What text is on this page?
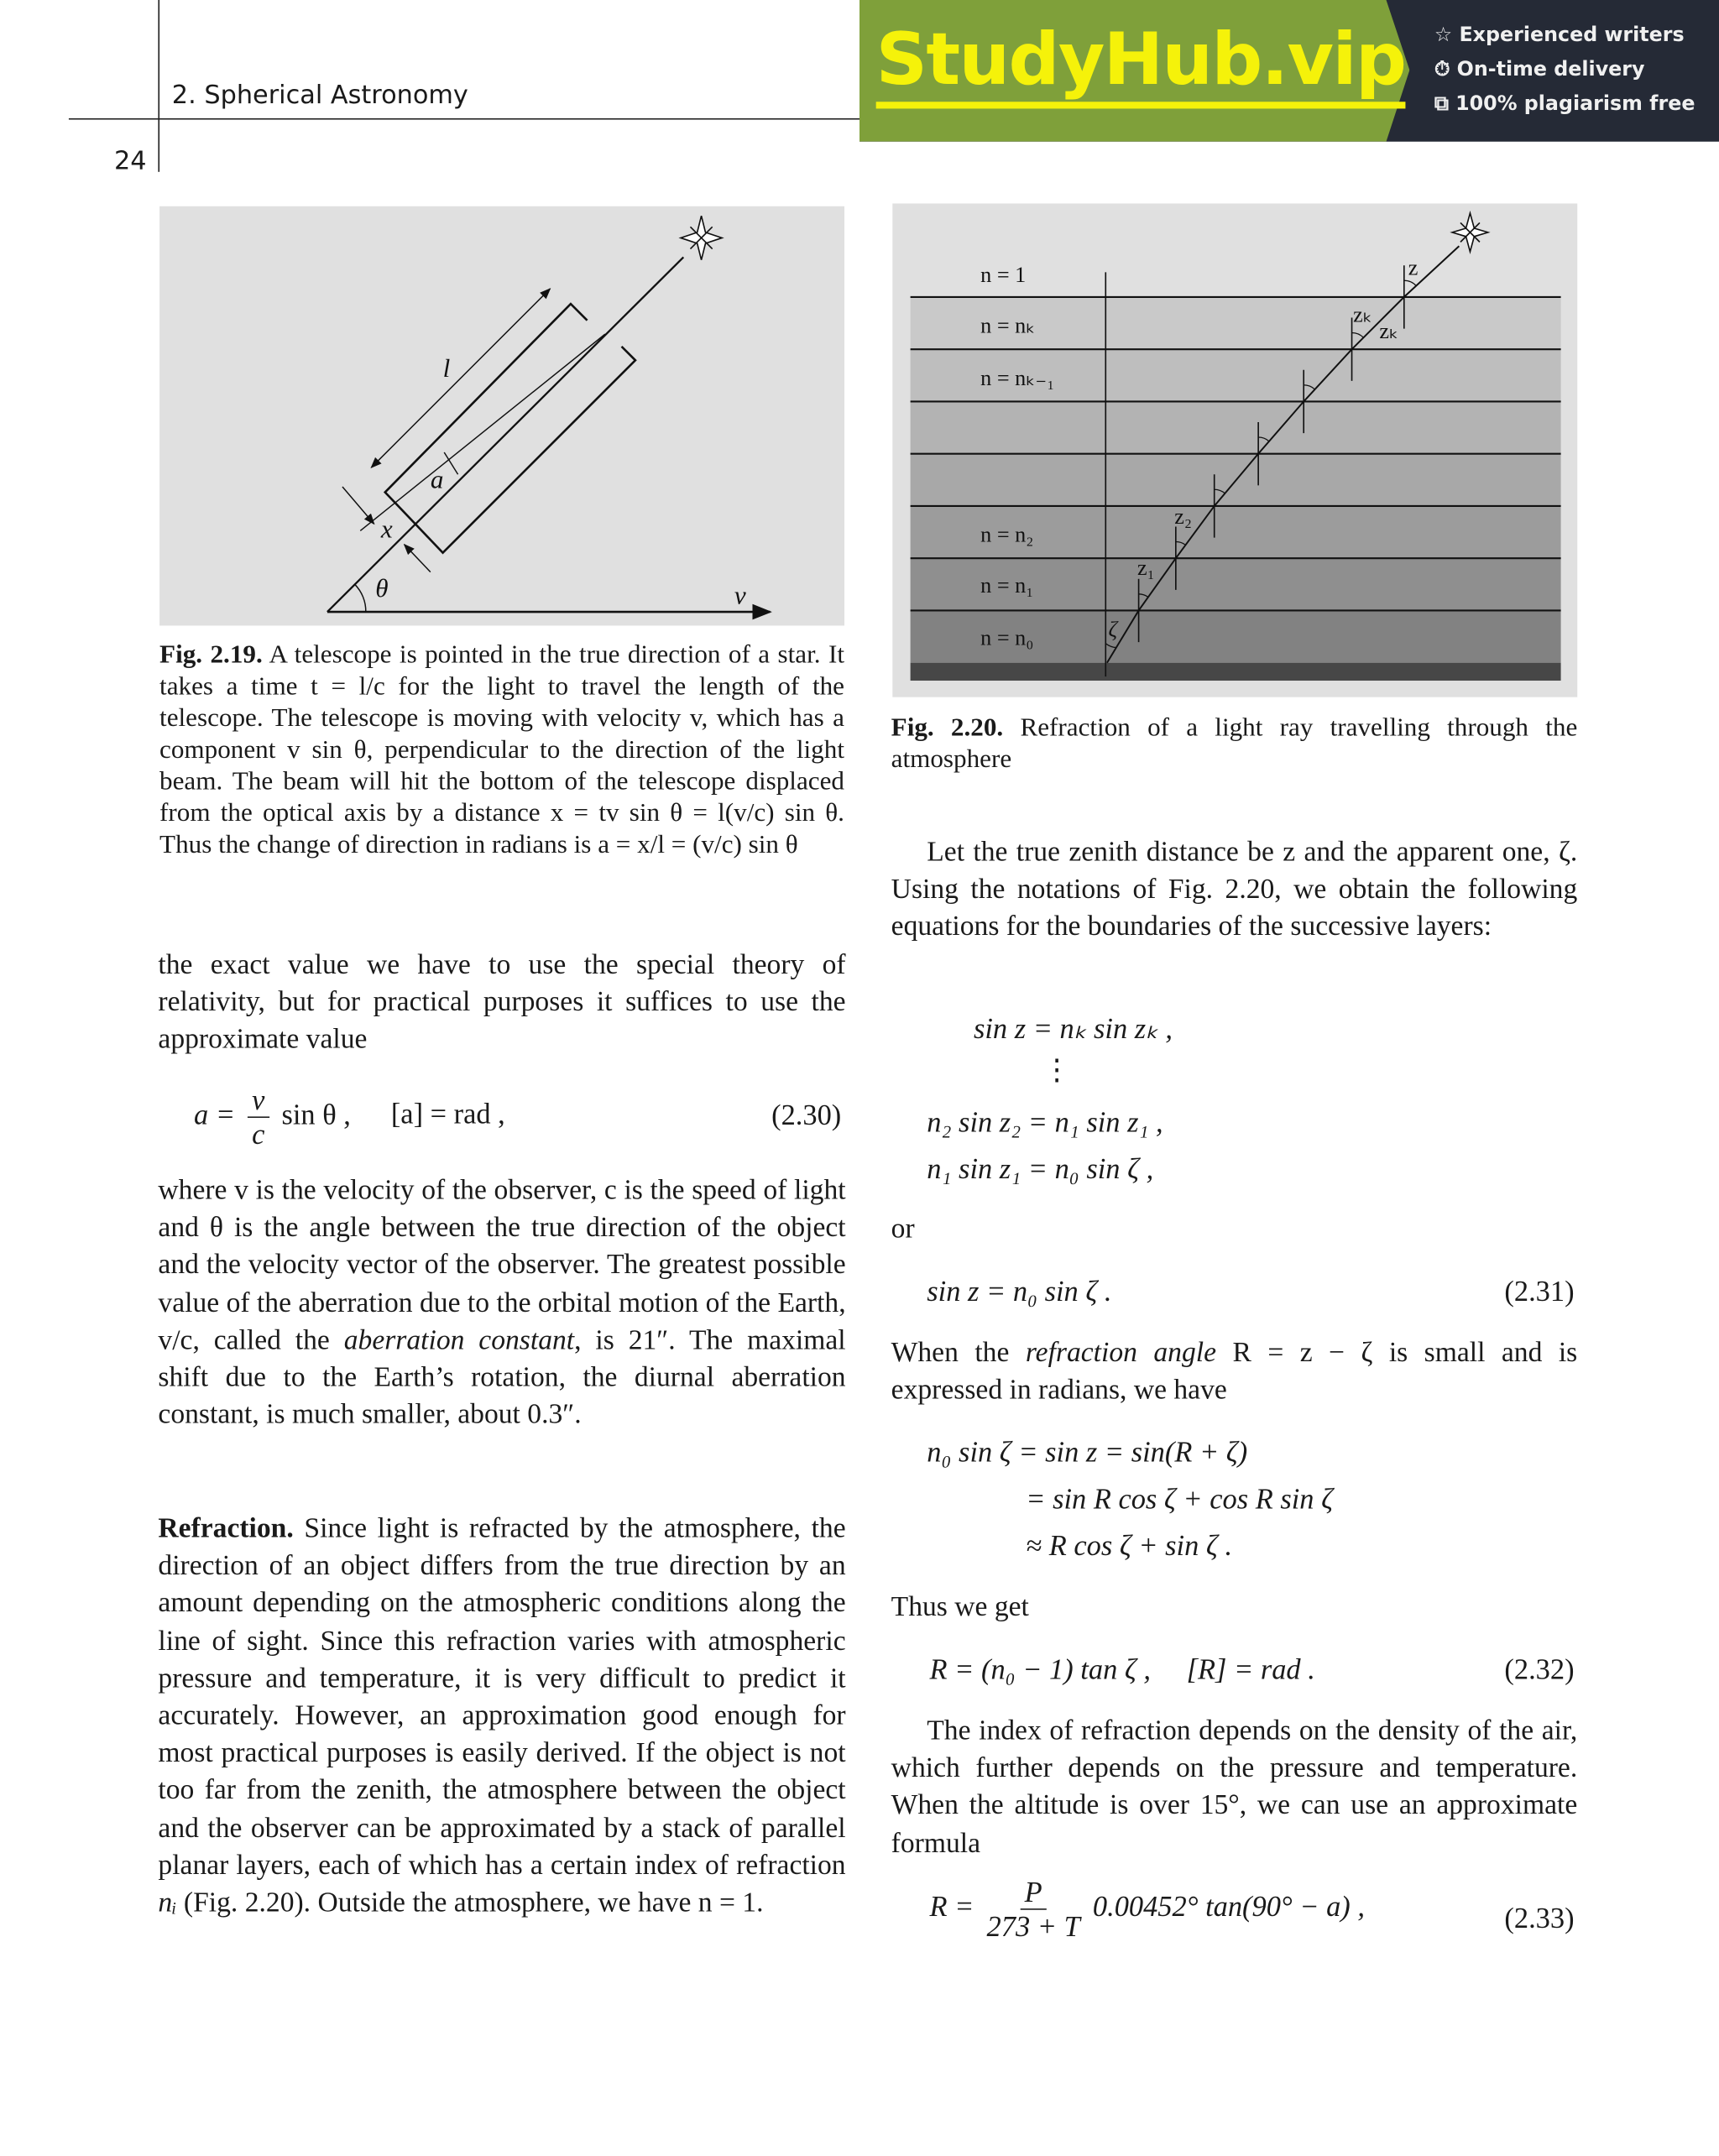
2. Spherical Astronomy
24
StudyHub.vip ☆ Experienced writers
⏱ On-time delivery
⧉ 100% plagiarism free
l
a
x
θ	v
n = 1
n = nₖ
n = nₖ₋₁
n = n₂
n = n₁
n = n₀
z
zₖ
zₖ
z₂
z₁
ζ
Fig. 2.19. A telescope is pointed in the true direction of a star. It takes a time t = l/c for the light to travel the length of the telescope. The telescope is moving with velocity v, which has a component v sin θ, perpendicular to the direction of the light beam. The beam will hit the bottom of the telescope displaced from the optical axis by a distance x = tv sin θ = l(v/c) sin θ. Thus the change of direction in radians is a = x/l = (v/c) sin θ
Fig. 2.20. Refraction of a light ray travelling through the atmosphere
the exact value we have to use the special theory of relativity, but for practical purposes it suffices to use the approximate value
$a = \frac{v}{c}$ sin θ , [a] = rad ,	(2.30)
where v is the velocity of the observer, c is the speed of light and θ is the angle between the true direction of the object and the velocity vector of the observer. The greatest possible value of the aberration due to the orbital motion of the Earth, v/c, called the aberration constant, is 21″. The maximal shift due to the Earth’s rotation, the diurnal aberration constant, is much smaller, about 0.3″.
Refraction. Since light is refracted by the atmosphere, the direction of an object differs from the true direction by an amount depending on the atmospheric conditions along the line of sight. Since this refraction varies with atmospheric pressure and temperature, it is very difficult to predict it accurately. However, an approximation good enough for most practical purposes is easily derived. If the object is not too far from the zenith, the atmosphere between the object and the observer can be approximated by a stack of parallel planar layers, each of which has a certain index of refraction nᵢ (Fig. 2.20). Outside the atmosphere, we have n = 1.
Let the true zenith distance be z and the apparent one, ζ. Using the notations of Fig. 2.20, we obtain the following equations for the boundaries of the successive layers:
sin z = nₖ sin zₖ ,
⋮
n₂ sin z₂ = n₁ sin z₁ ,
n₁ sin z₁ = n₀ sin ζ ,
or
sin z = n₀ sin ζ .	(2.31)
When the refraction angle R = z − ζ is small and is expressed in radians, we have
n₀ sin ζ = sin z = sin(R + ζ)
= sin R cos ζ + cos R sin ζ
≈ R cos ζ + sin ζ .
Thus we get
R = (n₀ − 1) tan ζ , [R] = rad .	(2.32)
The index of refraction depends on the density of the air, which further depends on the pressure and temperature. When the altitude is over 15°, we can use an approximate formula
$R = \frac{P}{273 + T} 0.00452^\circ$ tan(90° − a) ,	(2.33)
